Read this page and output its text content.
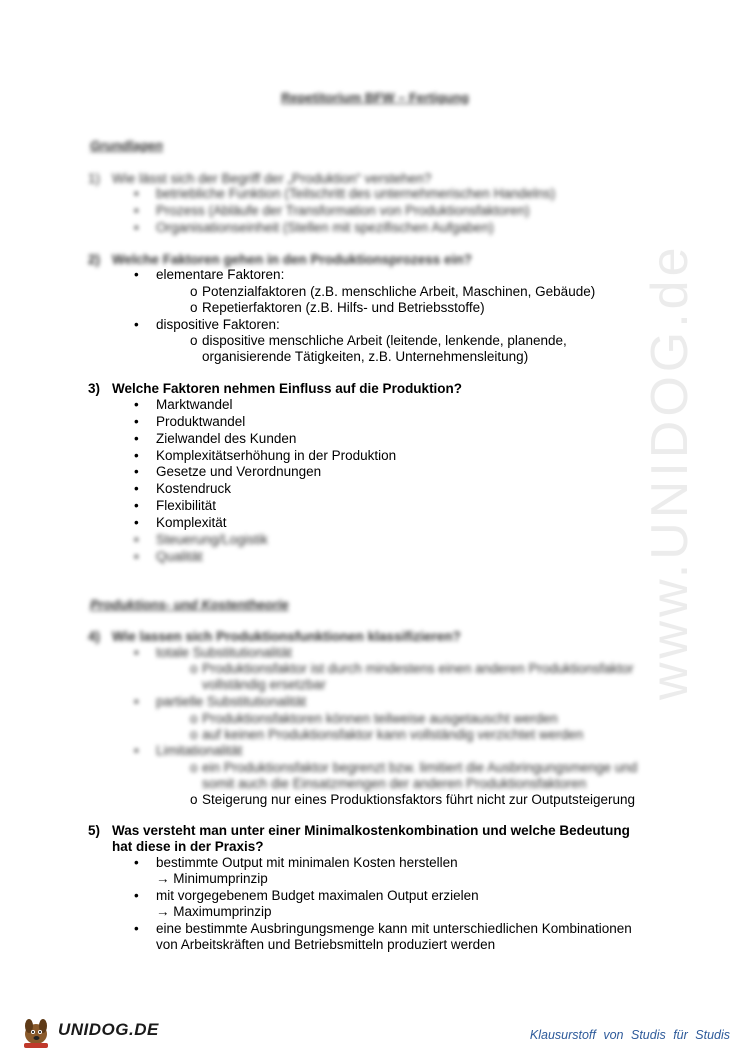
www.UNIDOG.de
Repetitorium BFW – Fertigung
Grundlagen
1) Wie lässt sich der Begriff der „Produktion“ verstehen?
•	betriebliche Funktion (Teilschritt des unternehmerischen Handelns)
•	Prozess (Abläufe der Transformation von Produktionsfaktoren)
•	Organisationseinheit (Stellen mit spezifischen Aufgaben)
2) Welche Faktoren gehen in den Produktionsprozess ein?
•	elementare Faktoren:
o Potenzialfaktoren (z.B. menschliche Arbeit, Maschinen, Gebäude)
o Repetierfaktoren (z.B. Hilfs- und Betriebsstoffe)
•	dispositive Faktoren:
o dispositive menschliche Arbeit (leitende, lenkende, planende,
organisierende Tätigkeiten, z.B. Unternehmensleitung)
3) Welche Faktoren nehmen Einfluss auf die Produktion?
•	Marktwandel
•	Produktwandel
•	Zielwandel des Kunden
•	Komplexitätserhöhung in der Produktion
•	Gesetze und Verordnungen
•	Kostendruck
•	Flexibilität
•	Komplexität
•	Steuerung/Logistik
•	Qualität
Produktions- und Kostentheorie
4) Wie lassen sich Produktionsfunktionen klassifizieren?
•	totale Substitutionalität
o Produktionsfaktor ist durch mindestens einen anderen Produktionsfaktor
vollständig ersetzbar
•	partielle Substitutionalität
o Produktionsfaktoren können teilweise ausgetauscht werden
o auf keinen Produktionsfaktor kann vollständig verzichtet werden
•	Limitationalität
o ein Produktionsfaktor begrenzt bzw. limitiert die Ausbringungsmenge und
somit auch die Einsatzmengen der anderen Produktionsfaktoren
o Steigerung nur eines Produktionsfaktors führt nicht zur Outputsteigerung
5) Was versteht man unter einer Minimalkostenkombination und welche Bedeutung
hat diese in der Praxis?
•	bestimmte Output mit minimalen Kosten herstellen
→ Minimumprinzip
•	mit vorgegebenem Budget maximalen Output erzielen
→ Maximumprinzip
•	eine bestimmte Ausbringungsmenge kann mit unterschiedlichen Kombinationen
von Arbeitskräften und Betriebsmitteln produziert werden
UNIDOG.DE	Klausurstoff von Studis für Studis
